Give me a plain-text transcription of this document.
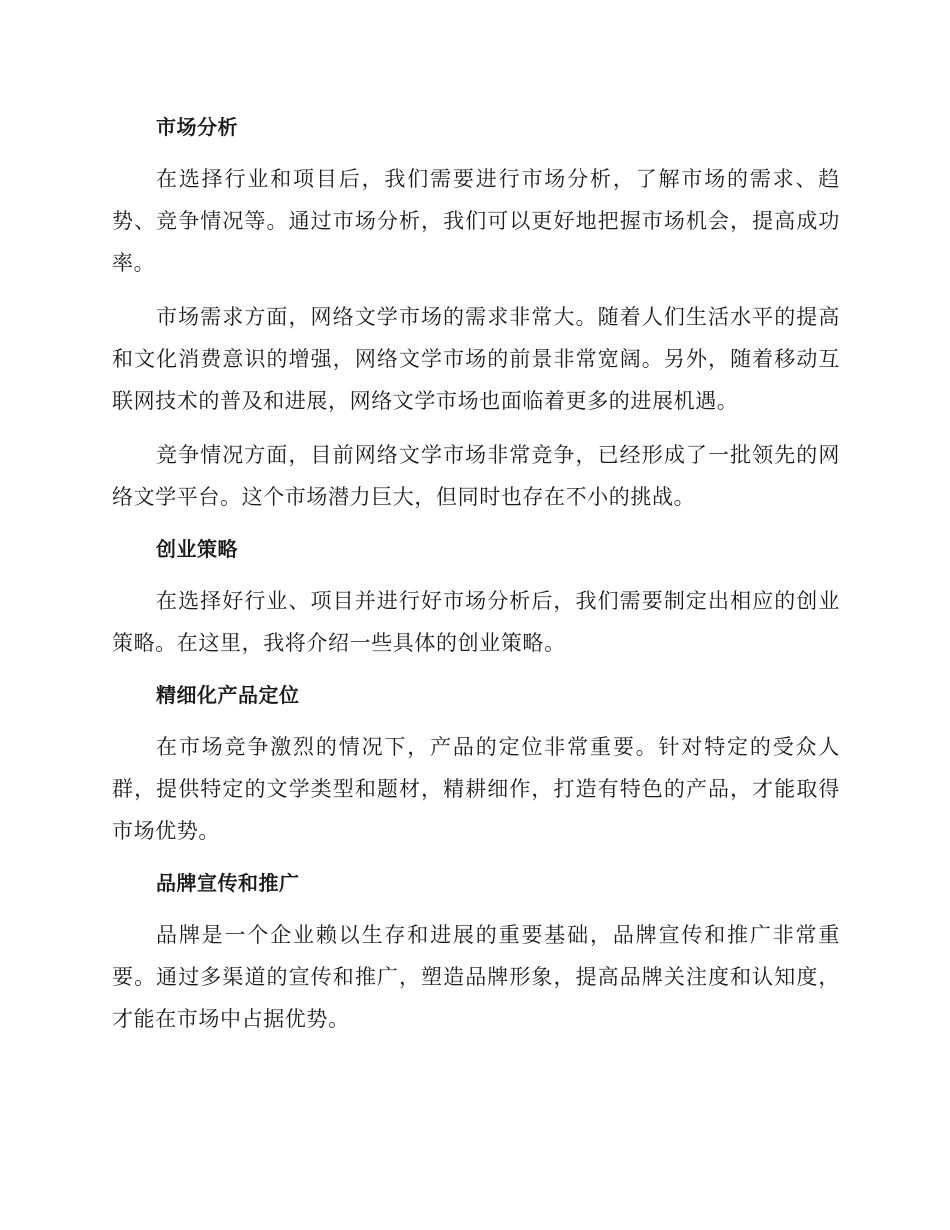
市场分析

在选择行业和项目后，我们需要进行市场分析，了解市场的需求、趋势、竞争情况等。通过市场分析，我们可以更好地把握市场机会，提高成功率。

市场需求方面，网络文学市场的需求非常大。随着人们生活水平的提高和文化消费意识的增强，网络文学市场的前景非常宽阔。另外，随着移动互联网技术的普及和进展，网络文学市场也面临着更多的进展机遇。

竞争情况方面，目前网络文学市场非常竞争，已经形成了一批领先的网络文学平台。这个市场潜力巨大，但同时也存在不小的挑战。

创业策略

在选择好行业、项目并进行好市场分析后，我们需要制定出相应的创业策略。在这里，我将介绍一些具体的创业策略。

精细化产品定位

在市场竞争激烈的情况下，产品的定位非常重要。针对特定的受众人群，提供特定的文学类型和题材，精耕细作，打造有特色的产品，才能取得市场优势。

品牌宣传和推广

品牌是一个企业赖以生存和进展的重要基础，品牌宣传和推广非常重要。通过多渠道的宣传和推广，塑造品牌形象，提高品牌关注度和认知度，才能在市场中占据优势。
